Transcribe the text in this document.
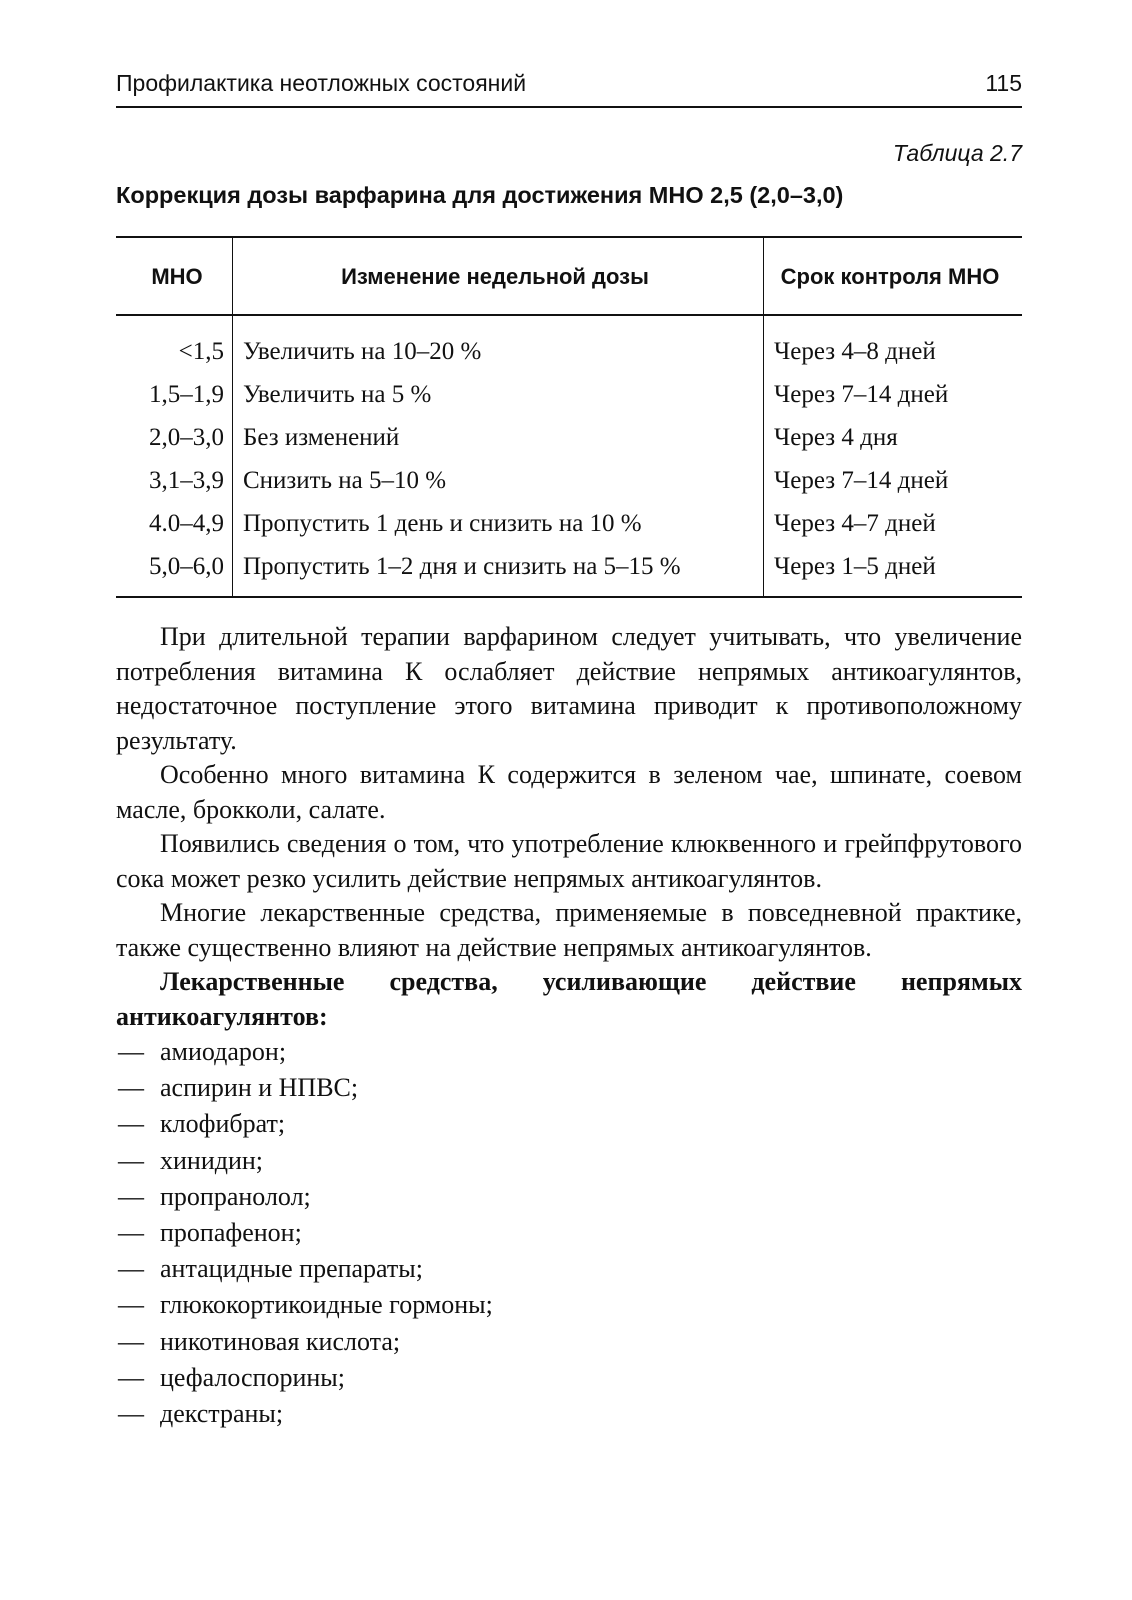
Профилактика неотложных состояний	115
Таблица 2.7
Коррекция дозы варфарина для достижения МНО 2,5 (2,0–3,0)
МНО	Изменение недельной дозы	Срок контроля МНО
<1,5	Увеличить на 10–20 %	Через 4–8 дней
1,5–1,9	Увеличить на 5 %	Через 7–14 дней
2,0–3,0	Без изменений	Через 4 дня
3,1–3,9	Снизить на 5–10 %	Через 7–14 дней
4.0–4,9	Пропустить 1 день и снизить на 10 %	Через 4–7 дней
5,0–6,0	Пропустить 1–2 дня и снизить на 5–15 %	Через 1–5 дней

При длительной терапии варфарином следует учитывать, что увеличение потребления витамина К ослабляет действие непрямых антикоагулянтов, недостаточное поступление этого витамина приводит к противоположному результату.

Особенно много витамина К содержится в зеленом чае, шпинате, соевом масле, брокколи, салате.

Появились сведения о том, что употребление клюквенного и грейпфрутового сока может резко усилить действие непрямых антикоагулянтов.

Многие лекарственные средства, применяемые в повседневной практике, также существенно влияют на действие непрямых антикоагулянтов.

Лекарственные средства, усиливающие действие непрямых антикоагулянтов:

— амиодарон;
— аспирин и НПВС;
— клофибрат;
— хинидин;
— пропранолол;
— пропафенон;
— антацидные препараты;
— глюкокортикоидные гормоны;
— никотиновая кислота;
— цефалоспорины;
— декстраны;
